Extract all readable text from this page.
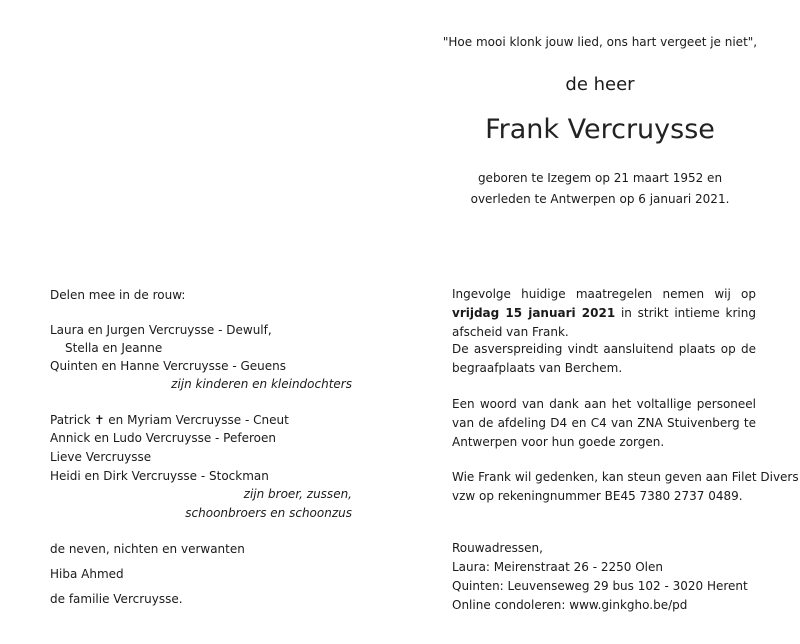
"Hoe mooi klonk jouw lied, ons hart vergeet je niet",
de heer
Frank Vercruysse
geboren te Izegem op 21 maart 1952 en
overleden te Antwerpen op 6 januari 2021.
Delen mee in de rouw:
Laura en Jurgen Vercruysse - Dewulf,
Stella en Jeanne
Quinten en Hanne Vercruysse - Geuens
zijn kinderen en kleindochters
Patrick ✝ en Myriam Vercruysse - Cneut
Annick en Ludo Vercruysse - Peferoen
Lieve Vercruysse
Heidi en Dirk Vercruysse - Stockman
zijn broer, zussen,
schoonbroers en schoonzus
de neven, nichten en verwanten
Hiba Ahmed
de familie Vercruysse.
Ingevolge huidige maatregelen nemen wij op vrijdag 15 januari 2021 in strikt intieme kring afscheid van Frank.
De asverspreiding vindt aansluitend plaats op de begraafplaats van Berchem.
Een woord van dank aan het voltallige personeel van de afdeling D4 en C4 van ZNA Stuivenberg te Antwerpen voor hun goede zorgen.
Wie Frank wil gedenken, kan steun geven aan Filet Divers
vzw op rekeningnummer BE45 7380 2737 0489.
Rouwadressen,
Laura: Meirenstraat 26 - 2250 Olen
Quinten: Leuvenseweg 29 bus 102 - 3020 Herent
Online condoleren: www.ginkgho.be/pd
